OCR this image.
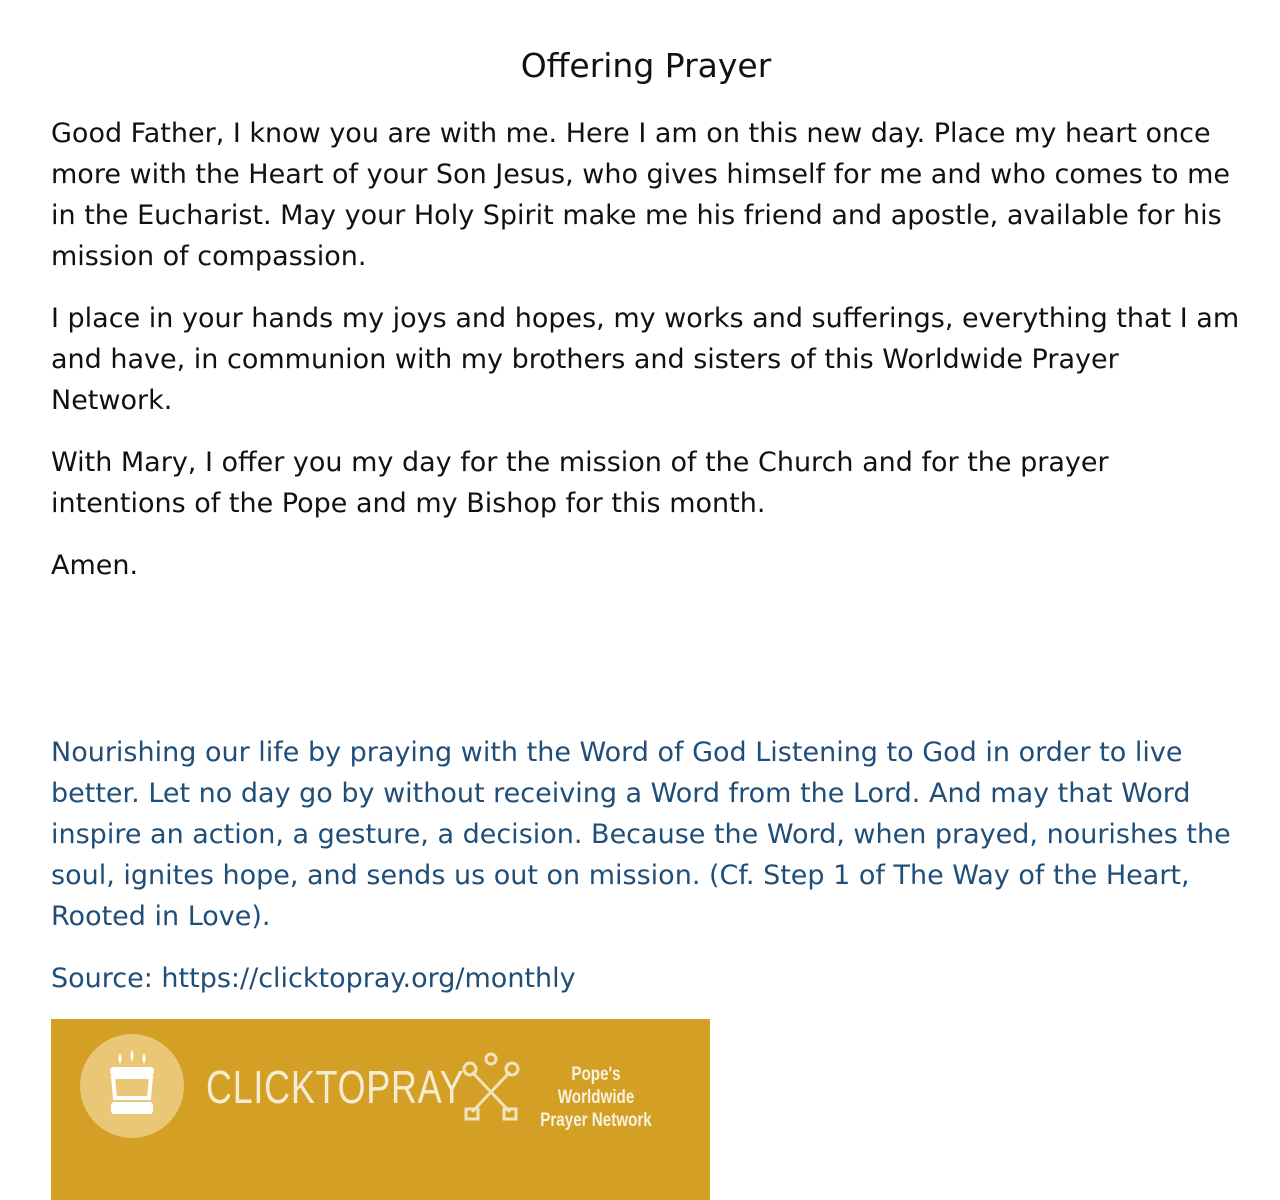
Offering Prayer

Good Father, I know you are with me. Here I am on this new day. Place my heart once more with the Heart of your Son Jesus, who gives himself for me and who comes to me in the Eucharist. May your Holy Spirit make me his friend and apostle, available for his mission of compassion.

I place in your hands my joys and hopes, my works and sufferings, everything that I am and have, in communion with my brothers and sisters of this Worldwide Prayer Network.

With Mary, I offer you my day for the mission of the Church and for the prayer intentions of the Pope and my Bishop for this month.

Amen.

Nourishing our life by praying with the Word of God Listening to God in order to live better. Let no day go by without receiving a Word from the Lord. And may that Word inspire an action, a gesture, a decision. Because the Word, when prayed, nourishes the soul, ignites hope, and sends us out on mission. (Cf. Step 1 of The Way of the Heart, Rooted in Love).

Source: https://clicktopray.org/monthly

CLICKTOPRAY	Pope's Worldwide
Prayer Network
